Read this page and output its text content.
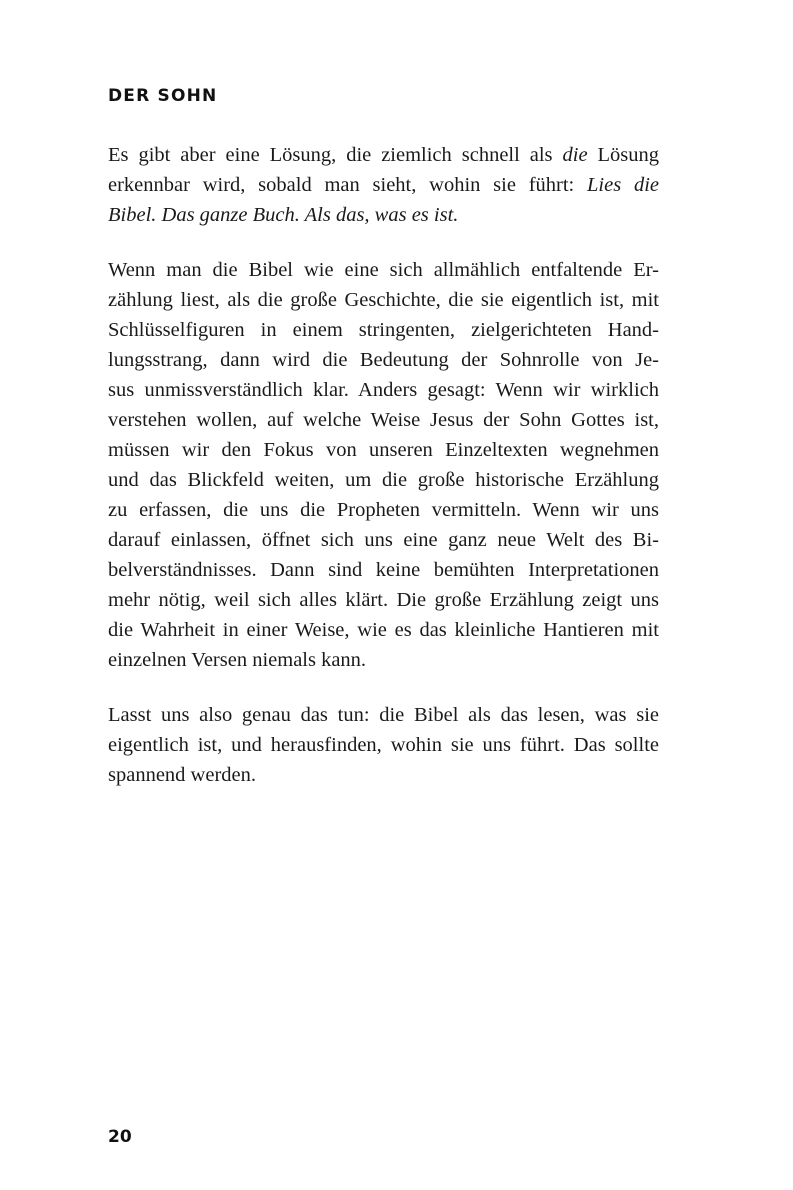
DER SOHN
Es gibt aber eine Lösung, die ziemlich schnell als die Lösung
erkennbar wird, sobald man sieht, wohin sie führt: Lies die
Bibel. Das ganze Buch. Als das, was es ist.
Wenn man die Bibel wie eine sich allmählich entfaltende Er-
zählung liest, als die große Geschichte, die sie eigentlich ist, mit
Schlüsselfiguren in einem stringenten, zielgerichteten Hand-
lungsstrang, dann wird die Bedeutung der Sohnrolle von Je-
sus unmissverständlich klar. Anders gesagt: Wenn wir wirklich
verstehen wollen, auf welche Weise Jesus der Sohn Gottes ist,
müssen wir den Fokus von unseren Einzeltexten wegnehmen
und das Blickfeld weiten, um die große historische Erzählung
zu erfassen, die uns die Propheten vermitteln. Wenn wir uns
darauf einlassen, öffnet sich uns eine ganz neue Welt des Bi-
belverständnisses. Dann sind keine bemühten Interpretationen
mehr nötig, weil sich alles klärt. Die große Erzählung zeigt uns
die Wahrheit in einer Weise, wie es das kleinliche Hantieren mit
einzelnen Versen niemals kann.
Lasst uns also genau das tun: die Bibel als das lesen, was sie
eigentlich ist, und herausfinden, wohin sie uns führt. Das sollte
spannend werden.
20
